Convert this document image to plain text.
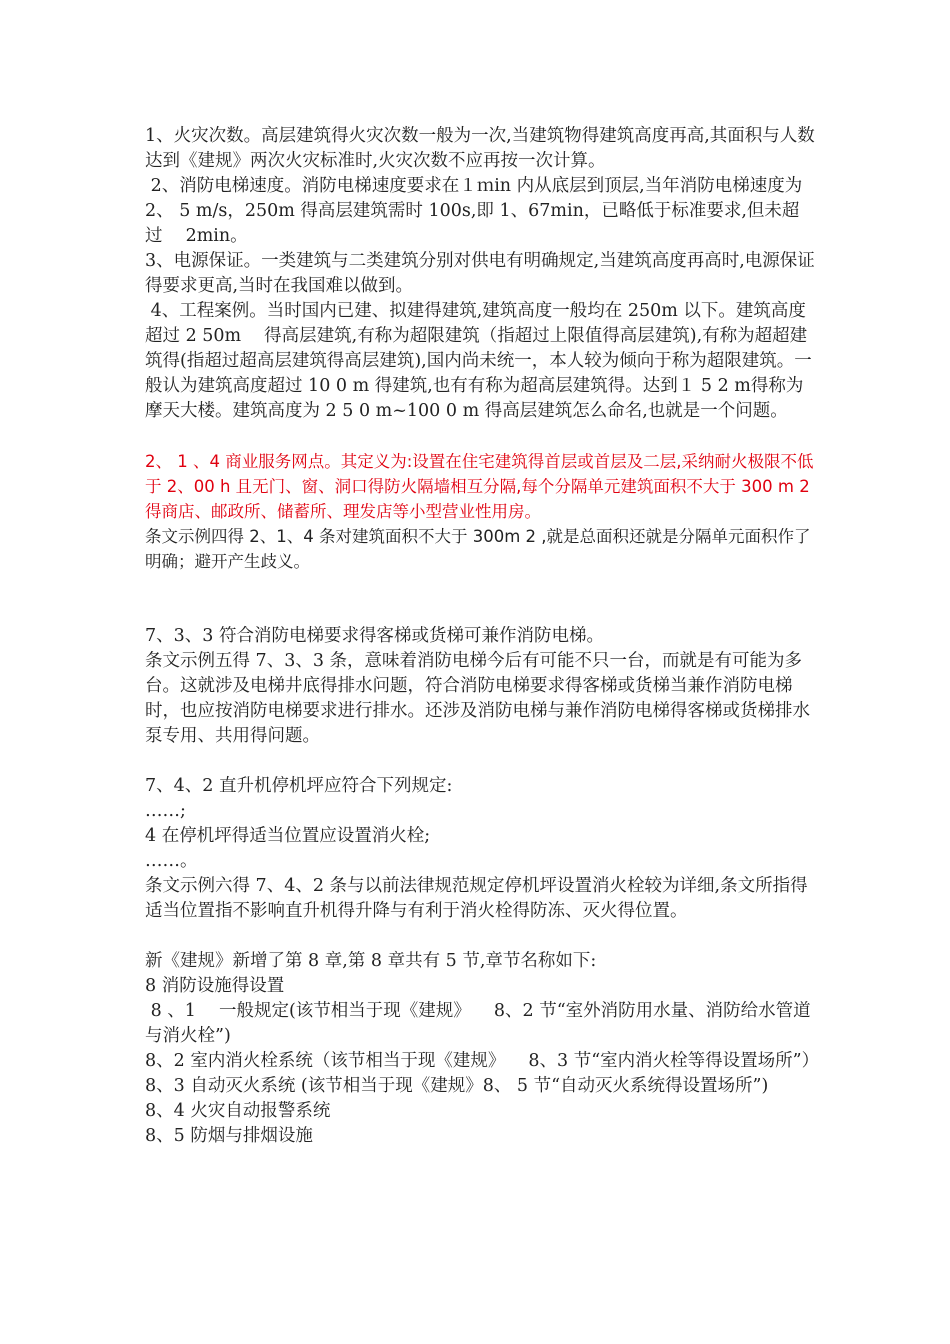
1、火灾次数。高层建筑得火灾次数一般为一次,当建筑物得建筑高度再高,其面积与人数达到《建规》两次火灾标准时,火灾次数不应再按一次计算。

2、消防电梯速度。消防电梯速度要求在１ｍin 内从底层到顶层,当年消防电梯速度为2、 5 m/s，250m 得高层建筑需时 100s,即 1、67min，已略低于标准要求,但未超过 　2min。

3、电源保证。一类建筑与二类建筑分别对供电有明确规定,当建筑高度再高时,电源保证得要求更高,当时在我国难以做到。

4、工程案例。当时国内已建、拟建得建筑,建筑高度一般均在 250m 以下。建筑高度超过 2 50m 　得高层建筑,有称为超限建筑（指超过上限值得高层建筑),有称为超超建筑得(指超过超高层建筑得高层建筑),国内尚未统一，本人较为倾向于称为超限建筑。一般认为建筑高度超过 10 0 m 得建筑,也有有称为超高层建筑得。达到１ 5 2 m得称为摩天大楼。建筑高度为 2 5 0 m~100 0 m 得高层建筑怎么命名,也就是一个问题。

2、 1 、4 商业服务网点。其定义为:设置在住宅建筑得首层或首层及二层,采纳耐火极限不低于 2、00 h 且无门、窗、洞口得防火隔墙相互分隔,每个分隔单元建筑面积不大于 300 m 2 得商店、邮政所、储蓄所、理发店等小型营业性用房。

条文示例四得 2、1、4 条对建筑面积不大于 300m 2 ,就是总面积还就是分隔单元面积作了明确；避开产生歧义。

7、3、3 符合消防电梯要求得客梯或货梯可兼作消防电梯。

条文示例五得 7、3、3 条，意味着消防电梯今后有可能不只一台，而就是有可能为多台。这就涉及电梯井底得排水问题，符合消防电梯要求得客梯或货梯当兼作消防电梯时，也应按消防电梯要求进行排水。还涉及消防电梯与兼作消防电梯得客梯或货梯排水泵专用、共用得问题。

7、4、2 直升机停机坪应符合下列规定:

……;

4 在停机坪得适当位置应设置消火栓;

……。

条文示例六得 7、4、2 条与以前法律规范规定停机坪设置消火栓较为详细,条文所指得适当位置指不影响直升机得升降与有利于消火栓得防冻、灭火得位置。

新《建规》新增了第 8 章,第 8 章共有 5 节,章节名称如下:

8 消防设施得设置

8 、1 　一般规定(该节相当于现《建规》 　8、2 节“室外消防用水量、消防给水管道与消火栓”)

8、2 室内消火栓系统（该节相当于现《建规》 　8、3 节“室内消火栓等得设置场所”）

8、3 自动灭火系统 (该节相当于现《建规》8、 5 节“自动灭火系统得设置场所”)

8、4 火灾自动报警系统

8、5 防烟与排烟设施
